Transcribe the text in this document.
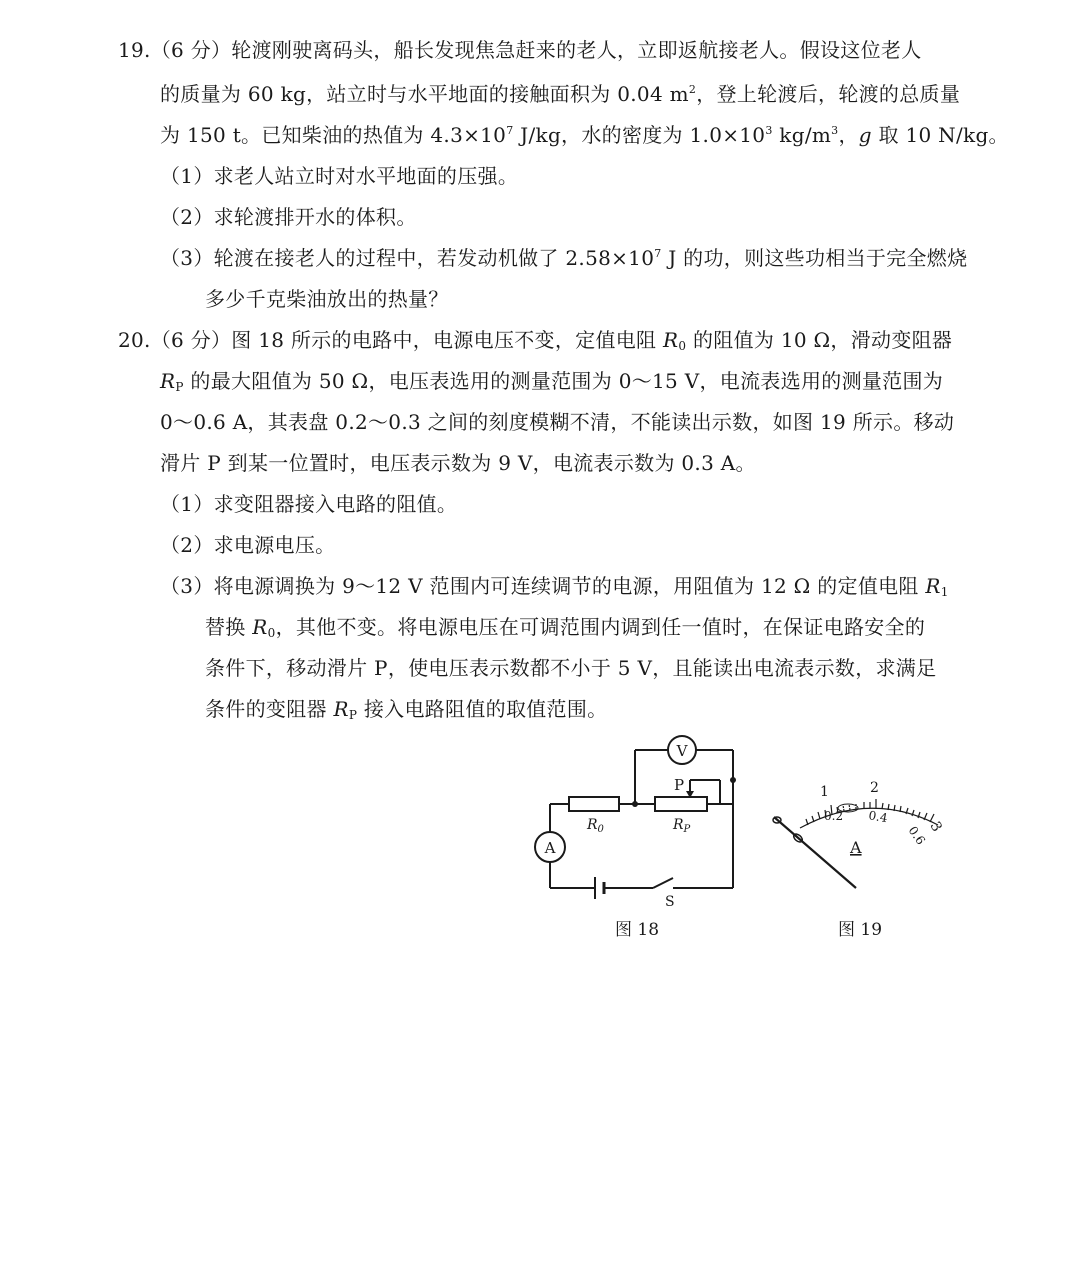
19.（6 分）轮渡刚驶离码头，船长发现焦急赶来的老人，立即返航接老人。假设这位老人
的质量为 60 kg，站立时与水平地面的接触面积为 0.04 $m^2$，登上轮渡后，轮渡的总质量
为 150 t。已知柴油的热值为 $4.3\times 10^7$ J/kg，水的密度为 $1.0\times 10^3$ $kg/m^3$，g 取 10 N/kg。
（1）求老人站立时对水平地面的压强。
（2）求轮渡排开水的体积。
（3）轮渡在接老人的过程中，若发动机做了 $2.58\times 10^7$ J 的功，则这些功相当于完全燃烧
多少千克柴油放出的热量？
20.（6 分）图 18 所示的电路中，电源电压不变，定值电阻 $R_0$ 的阻值为 10 Ω，滑动变阻器
$R_P$ 的最大阻值为 50 Ω，电压表选用的测量范围为 0～15 V，电流表选用的测量范围为
0～0.6 A，其表盘 0.2～0.3 之间的刻度模糊不清，不能读出示数，如图 19 所示。移动
滑片 P 到某一位置时，电压表示数为 9 V，电流表示数为 0.3 A。
（1）求变阻器接入电路的阻值。
（2）求电源电压。
（3）将电源调换为 9～12 V 范围内可连续调节的电源，用阻值为 12 Ω 的定值电阻 $R_1$
替换 $R_0$，其他不变。将电源电压在可调范围内调到任一值时，在保证电路安全的
条件下，移动滑片 P，使电压表示数都不小于 5 V，且能读出电流表示数，求满足
条件的变阻器 $R_P$ 接入电路阻值的取值范围。
V
A
P
$R_0$	$R_P$
S
图 18
1	2
3
0.2 0.4
0.6
A
图 19
